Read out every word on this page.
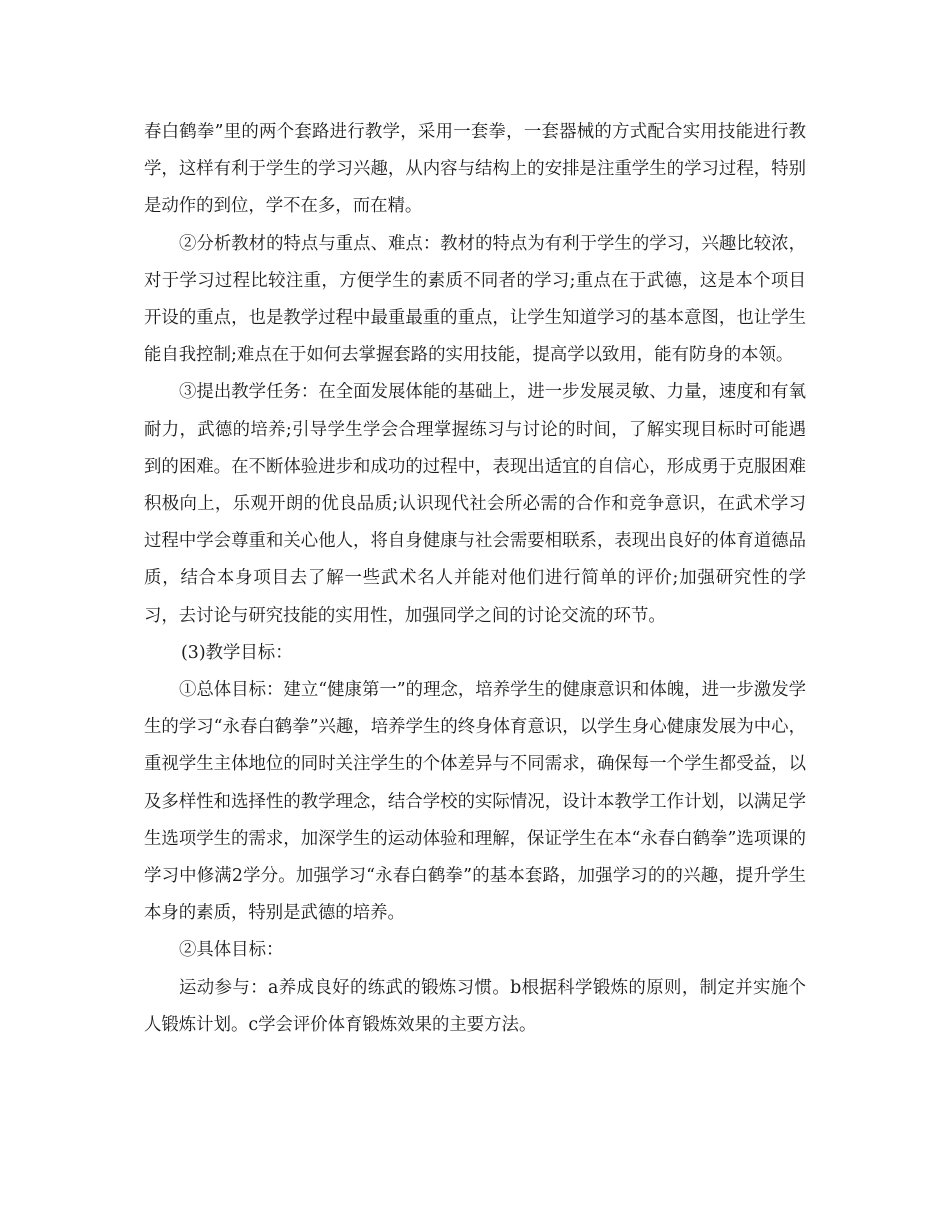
春白鹤拳”里的两个套路进行教学，采用一套拳，一套器械的方式配合实用技能进行教学，这样有利于学生的学习兴趣，从内容与结构上的安排是注重学生的学习过程，特别是动作的到位，学不在多，而在精。

②分析教材的特点与重点、难点：教材的特点为有利于学生的学习，兴趣比较浓，对于学习过程比较注重，方便学生的素质不同者的学习;重点在于武德，这是本个项目开设的重点，也是教学过程中最重最重的重点，让学生知道学习的基本意图，也让学生能自我控制;难点在于如何去掌握套路的实用技能，提高学以致用，能有防身的本领。

③提出教学任务：在全面发展体能的基础上，进一步发展灵敏、力量，速度和有氧耐力，武德的培养;引导学生学会合理掌握练习与讨论的时间，了解实现目标时可能遇到的困难。在不断体验进步和成功的过程中，表现出适宜的自信心，形成勇于克服困难积极向上，乐观开朗的优良品质;认识现代社会所必需的合作和竞争意识，在武术学习过程中学会尊重和关心他人，将自身健康与社会需要相联系，表现出良好的体育道德品质，结合本身项目去了解一些武术名人并能对他们进行简单的评价;加强研究性的学习，去讨论与研究技能的实用性，加强同学之间的讨论交流的环节。

(3)教学目标：

①总体目标：建立“健康第一”的理念，培养学生的健康意识和体魄，进一步激发学生的学习“永春白鹤拳”兴趣，培养学生的终身体育意识，以学生身心健康发展为中心，重视学生主体地位的同时关注学生的个体差异与不同需求，确保每一个学生都受益，以及多样性和选择性的教学理念，结合学校的实际情况，设计本教学工作计划，以满足学生选项学生的需求，加深学生的运动体验和理解，保证学生在本“永春白鹤拳”选项课的学习中修满2学分。加强学习“永春白鹤拳”的基本套路，加强学习的的兴趣，提升学生本身的素质，特别是武德的培养。

②具体目标：

运动参与：a养成良好的练武的锻炼习惯。b根据科学锻炼的原则，制定并实施个人锻炼计划。c学会评价体育锻炼效果的主要方法。
